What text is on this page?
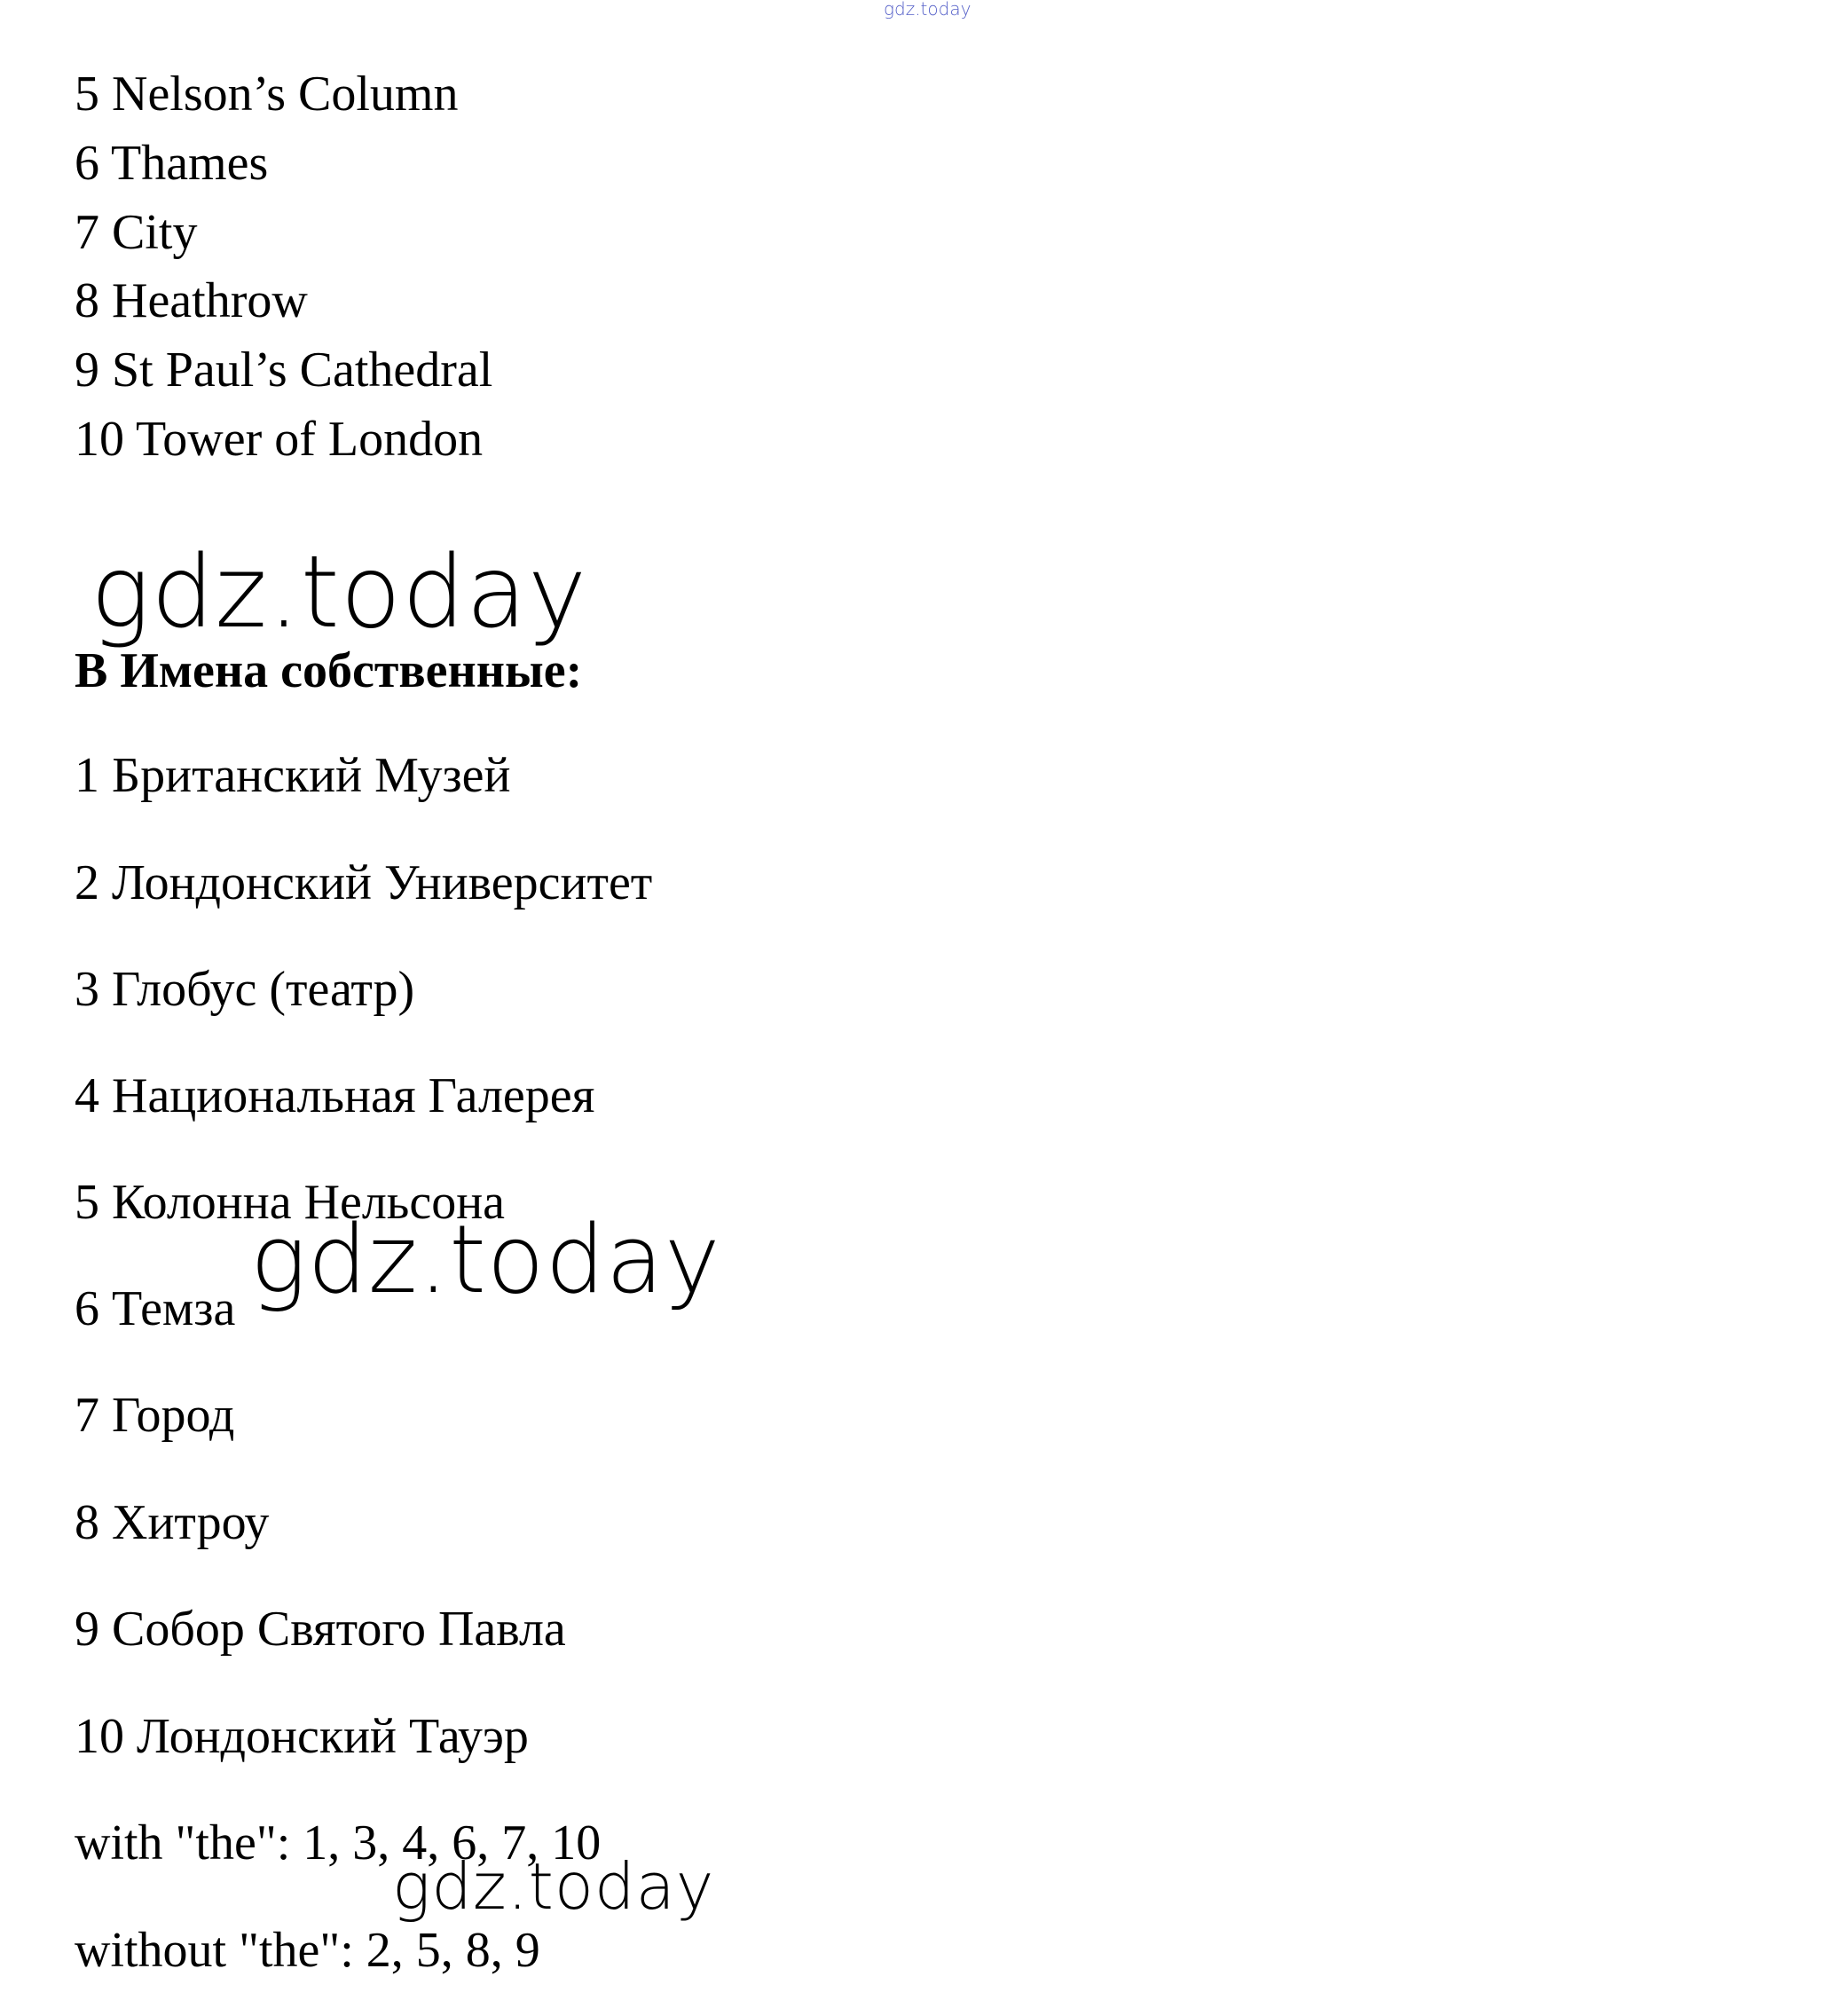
gdz.today
5 Nelson’s Column
6 Thames
7 City
8 Heathrow
9 St Paul’s Cathedral
10 Tower of London
gdz.today
B Имена собственные:
1 Британский Музей
2 Лондонский Университет
3 Глобус (театр)
4 Национальная Галерея
5 Колонна Нельсона
6 Темза
7 Город
8 Хитроу
9 Собор Святого Павла
10 Лондонский Тауэр
gdz.today
with "the": 1, 3, 4, 6, 7, 10
gdz.today
without "the": 2, 5, 8, 9
